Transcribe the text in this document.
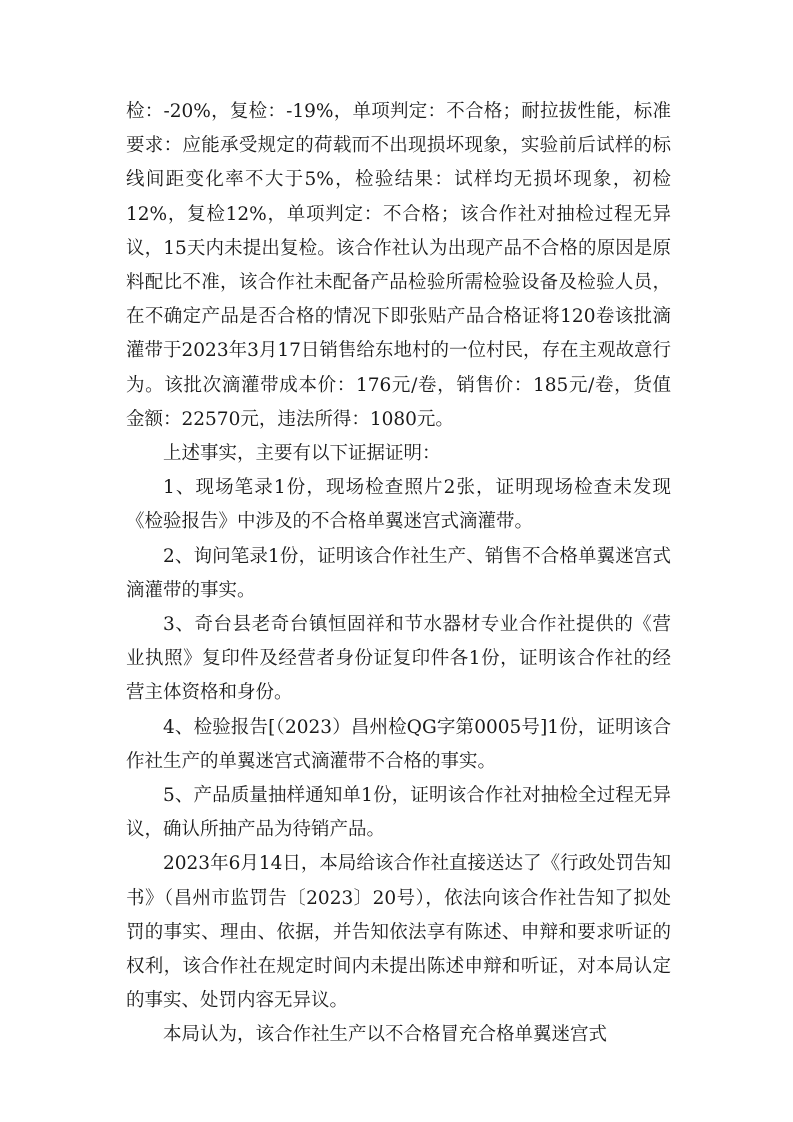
检：-20%，复检：-19%，单项判定：不合格；耐拉拔性能，标准要求：应能承受规定的荷载而不出现损坏现象，实验前后试样的标线间距变化率不大于5%，检验结果：试样均无损坏现象，初检12%，复检12%，单项判定：不合格；该合作社对抽检过程无异议，15天内未提出复检。该合作社认为出现产品不合格的原因是原料配比不准，该合作社未配备产品检验所需检验设备及检验人员，在不确定产品是否合格的情况下即张贴产品合格证将120卷该批滴灌带于2023年3月17日销售给东地村的一位村民，存在主观故意行为。该批次滴灌带成本价：176元/卷，销售价：185元/卷，货值金额：22570元，违法所得：1080元。

上述事实，主要有以下证据证明：

1、现场笔录1份，现场检查照片2张，证明现场检查未发现《检验报告》中涉及的不合格单翼迷宫式滴灌带。

2、询问笔录1份，证明该合作社生产、销售不合格单翼迷宫式滴灌带的事实。

3、奇台县老奇台镇恒固祥和节水器材专业合作社提供的《营业执照》复印件及经营者身份证复印件各1份，证明该合作社的经营主体资格和身份。

4、检验报告[（2023）昌州检QG字第0005号]1份，证明该合作社生产的单翼迷宫式滴灌带不合格的事实。

5、产品质量抽样通知单1份，证明该合作社对抽检全过程无异议，确认所抽产品为待销产品。

2023年6月14日，本局给该合作社直接送达了《行政处罚告知书》（昌州市监罚告〔2023〕20号），依法向该合作社告知了拟处罚的事实、理由、依据，并告知依法享有陈述、申辩和要求听证的权利，该合作社在规定时间内未提出陈述申辩和听证，对本局认定的事实、处罚内容无异议。

本局认为，该合作社生产以不合格冒充合格单翼迷宫式
